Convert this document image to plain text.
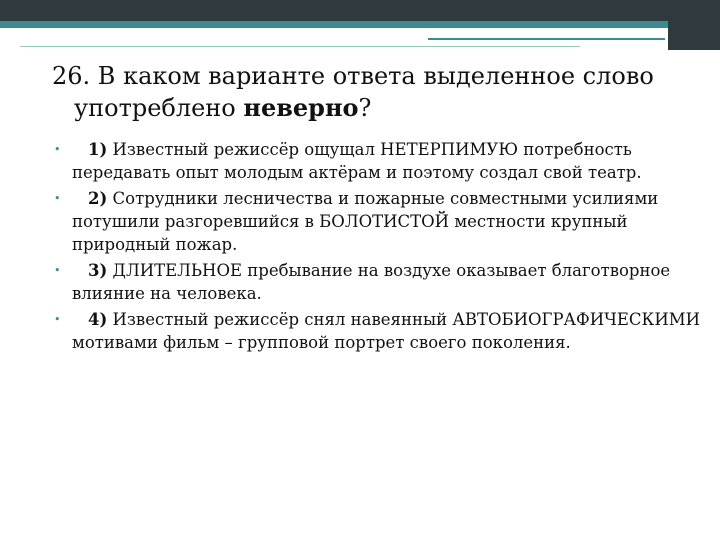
26. В каком варианте ответа выделенное слово
употреблено неверно?
• 1) Известный режиссёр ощущал НЕТЕРПИМУЮ потребность передавать опыт молодым актёрам и поэтому создал свой театр.
• 2) Сотрудники лесничества и пожарные совместными усилиями потушили разгоревшийся в БОЛОТИСТОЙ местности крупный природный пожар.
• 3) ДЛИТЕЛЬНОЕ пребывание на воздухе оказывает благотворное влияние на человека.
• 4) Известный режиссёр снял навеянный АВТОБИОГРАФИЧЕСКИМИ мотивами фильм – групповой портрет своего поколения.
